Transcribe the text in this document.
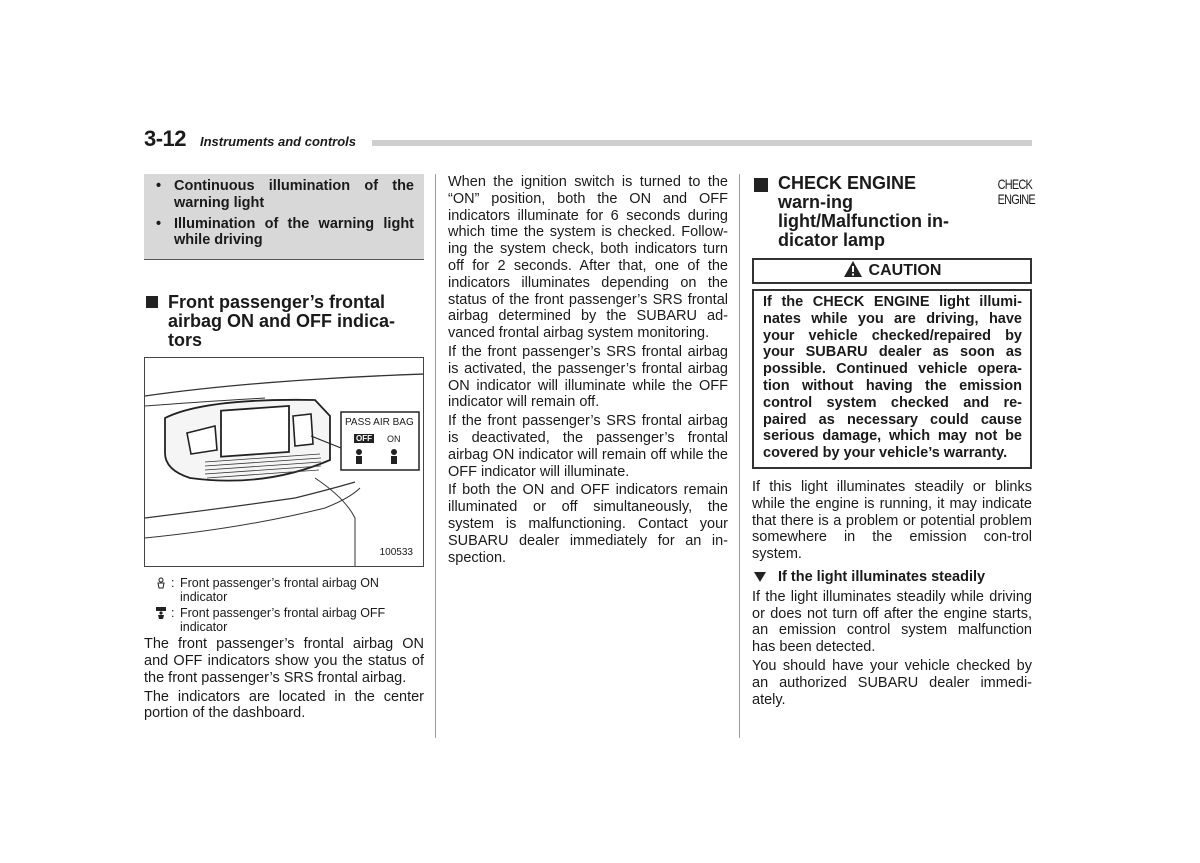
3-12 Instruments and controls
• Continuous illumination of the warning light
• Illumination of the warning light while driving
Front passenger’s frontal airbag ON and OFF indica-tors
PASS AIR BAG
OFF ON
100533
: Front passenger’s frontal airbag ON indicator
: Front passenger’s frontal airbag OFF indicator

The front passenger’s frontal airbag ON and OFF indicators show you the status of the front passenger’s SRS frontal airbag.

The indicators are located in the center portion of the dashboard.

When the ignition switch is turned to the “ON” position, both the ON and OFF indicators illuminate for 6 seconds during which time the system is checked. Follow-ing the system check, both indicators turn off for 2 seconds. After that, one of the indicators illuminates depending on the status of the front passenger’s SRS frontal airbag determined by the SUBARU ad-vanced frontal airbag system monitoring.

If the front passenger’s SRS frontal airbag is activated, the passenger’s frontal airbag ON indicator will illuminate while the OFF indicator will remain off.

If the front passenger’s SRS frontal airbag is deactivated, the passenger’s frontal airbag ON indicator will remain off while the OFF indicator will illuminate.

If both the ON and OFF indicators remain illuminated or off simultaneously, the system is malfunctioning. Contact your SUBARU dealer immediately for an in-spection.

CHECK ENGINE warn-ing light/Malfunction in-dicator lamp
CHECK
ENGINE
CAUTION
If the CHECK ENGINE light illumi-nates while you are driving, have your vehicle checked/repaired by your SUBARU dealer as soon as possible. Continued vehicle opera-tion without having the emission control system checked and re-paired as necessary could cause serious damage, which may not be covered by your vehicle’s warranty.

If this light illuminates steadily or blinks while the engine is running, it may indicate that there is a problem or potential problem somewhere in the emission con-trol system.

If the light illuminates steadily

If the light illuminates steadily while driving or does not turn off after the engine starts, an emission control system malfunction has been detected.

You should have your vehicle checked by an authorized SUBARU dealer immedi-ately.
